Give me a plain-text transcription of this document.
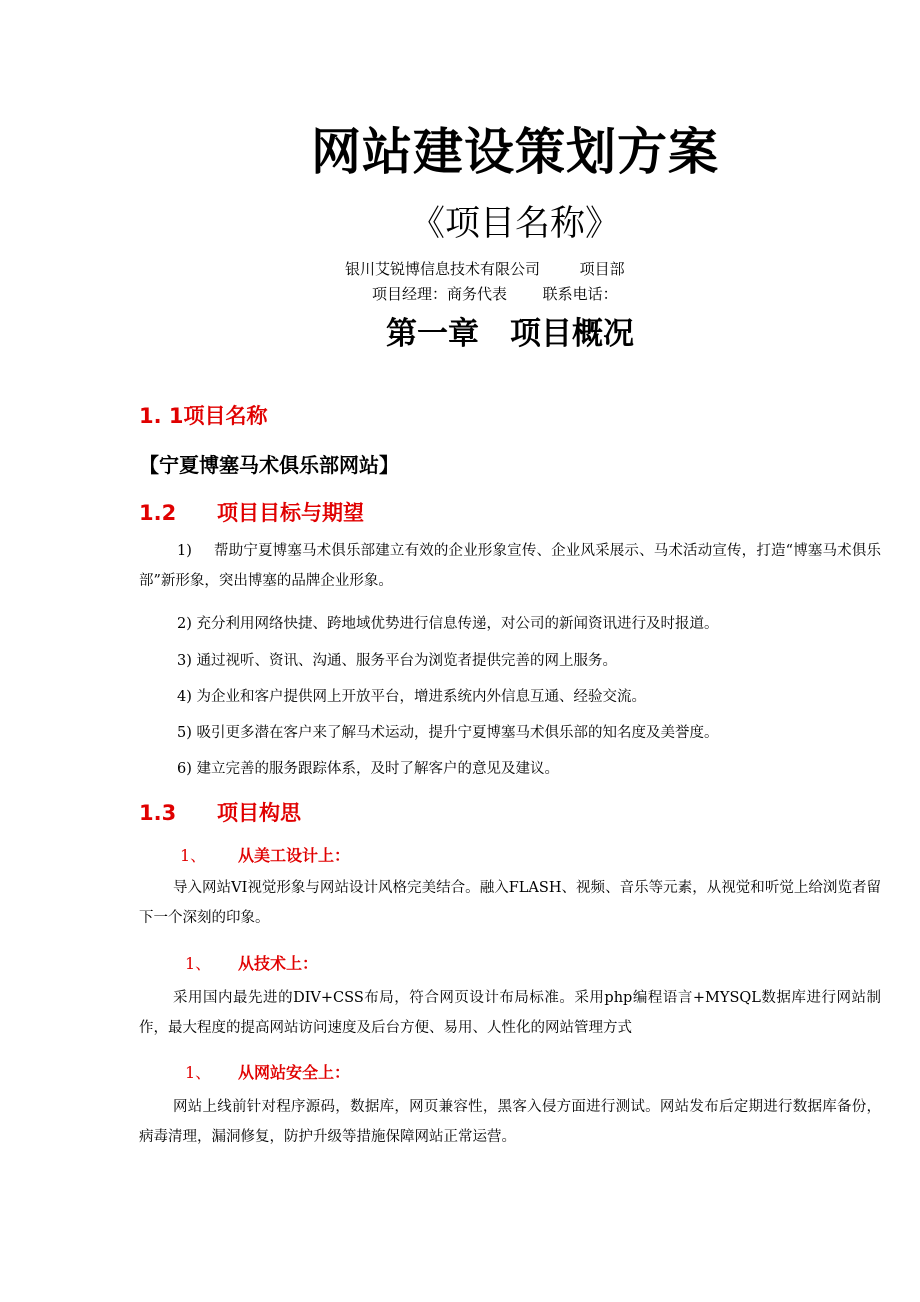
网站建设策划方案
《项目名称》
银川艾锐博信息技术有限公司	项目部
项目经理：商务代表 联系电话：
第一章　项目概况
1. 1项目名称
【宁夏博塞马术俱乐部网站】
1.2 项目目标与期望
1) 帮助宁夏博塞马术俱乐部建立有效的企业形象宣传、企业风采展示、马术活动宣传，打造“博塞马术俱乐部”新形象，突出博塞的品牌企业形象。
2) 充分利用网络快捷、跨地域优势进行信息传递，对公司的新闻资讯进行及时报道。
3) 通过视听、资讯、沟通、服务平台为浏览者提供完善的网上服务。
4) 为企业和客户提供网上开放平台，增进系统内外信息互通、经验交流。
5) 吸引更多潜在客户来了解马术运动，提升宁夏博塞马术俱乐部的知名度及美誉度。
6) 建立完善的服务跟踪体系，及时了解客户的意见及建议。
1.3 项目构思
1、 从美工设计上：
导入网站VI视觉形象与网站设计风格完美结合。融入FLASH、视频、音乐等元素，从视觉和听觉上给浏览者留下一个深刻的印象。
1、 从技术上：
采用国内最先进的DIV+CSS布局，符合网页设计布局标准。采用php编程语言+MYSQL数据库进行网站制作，最大程度的提高网站访问速度及后台方便、易用、人性化的网站管理方式
1、 从网站安全上：
网站上线前针对程序源码，数据库，网页兼容性，黑客入侵方面进行测试。网站发布后定期进行数据库备份，病毒清理，漏洞修复，防护升级等措施保障网站正常运营。
